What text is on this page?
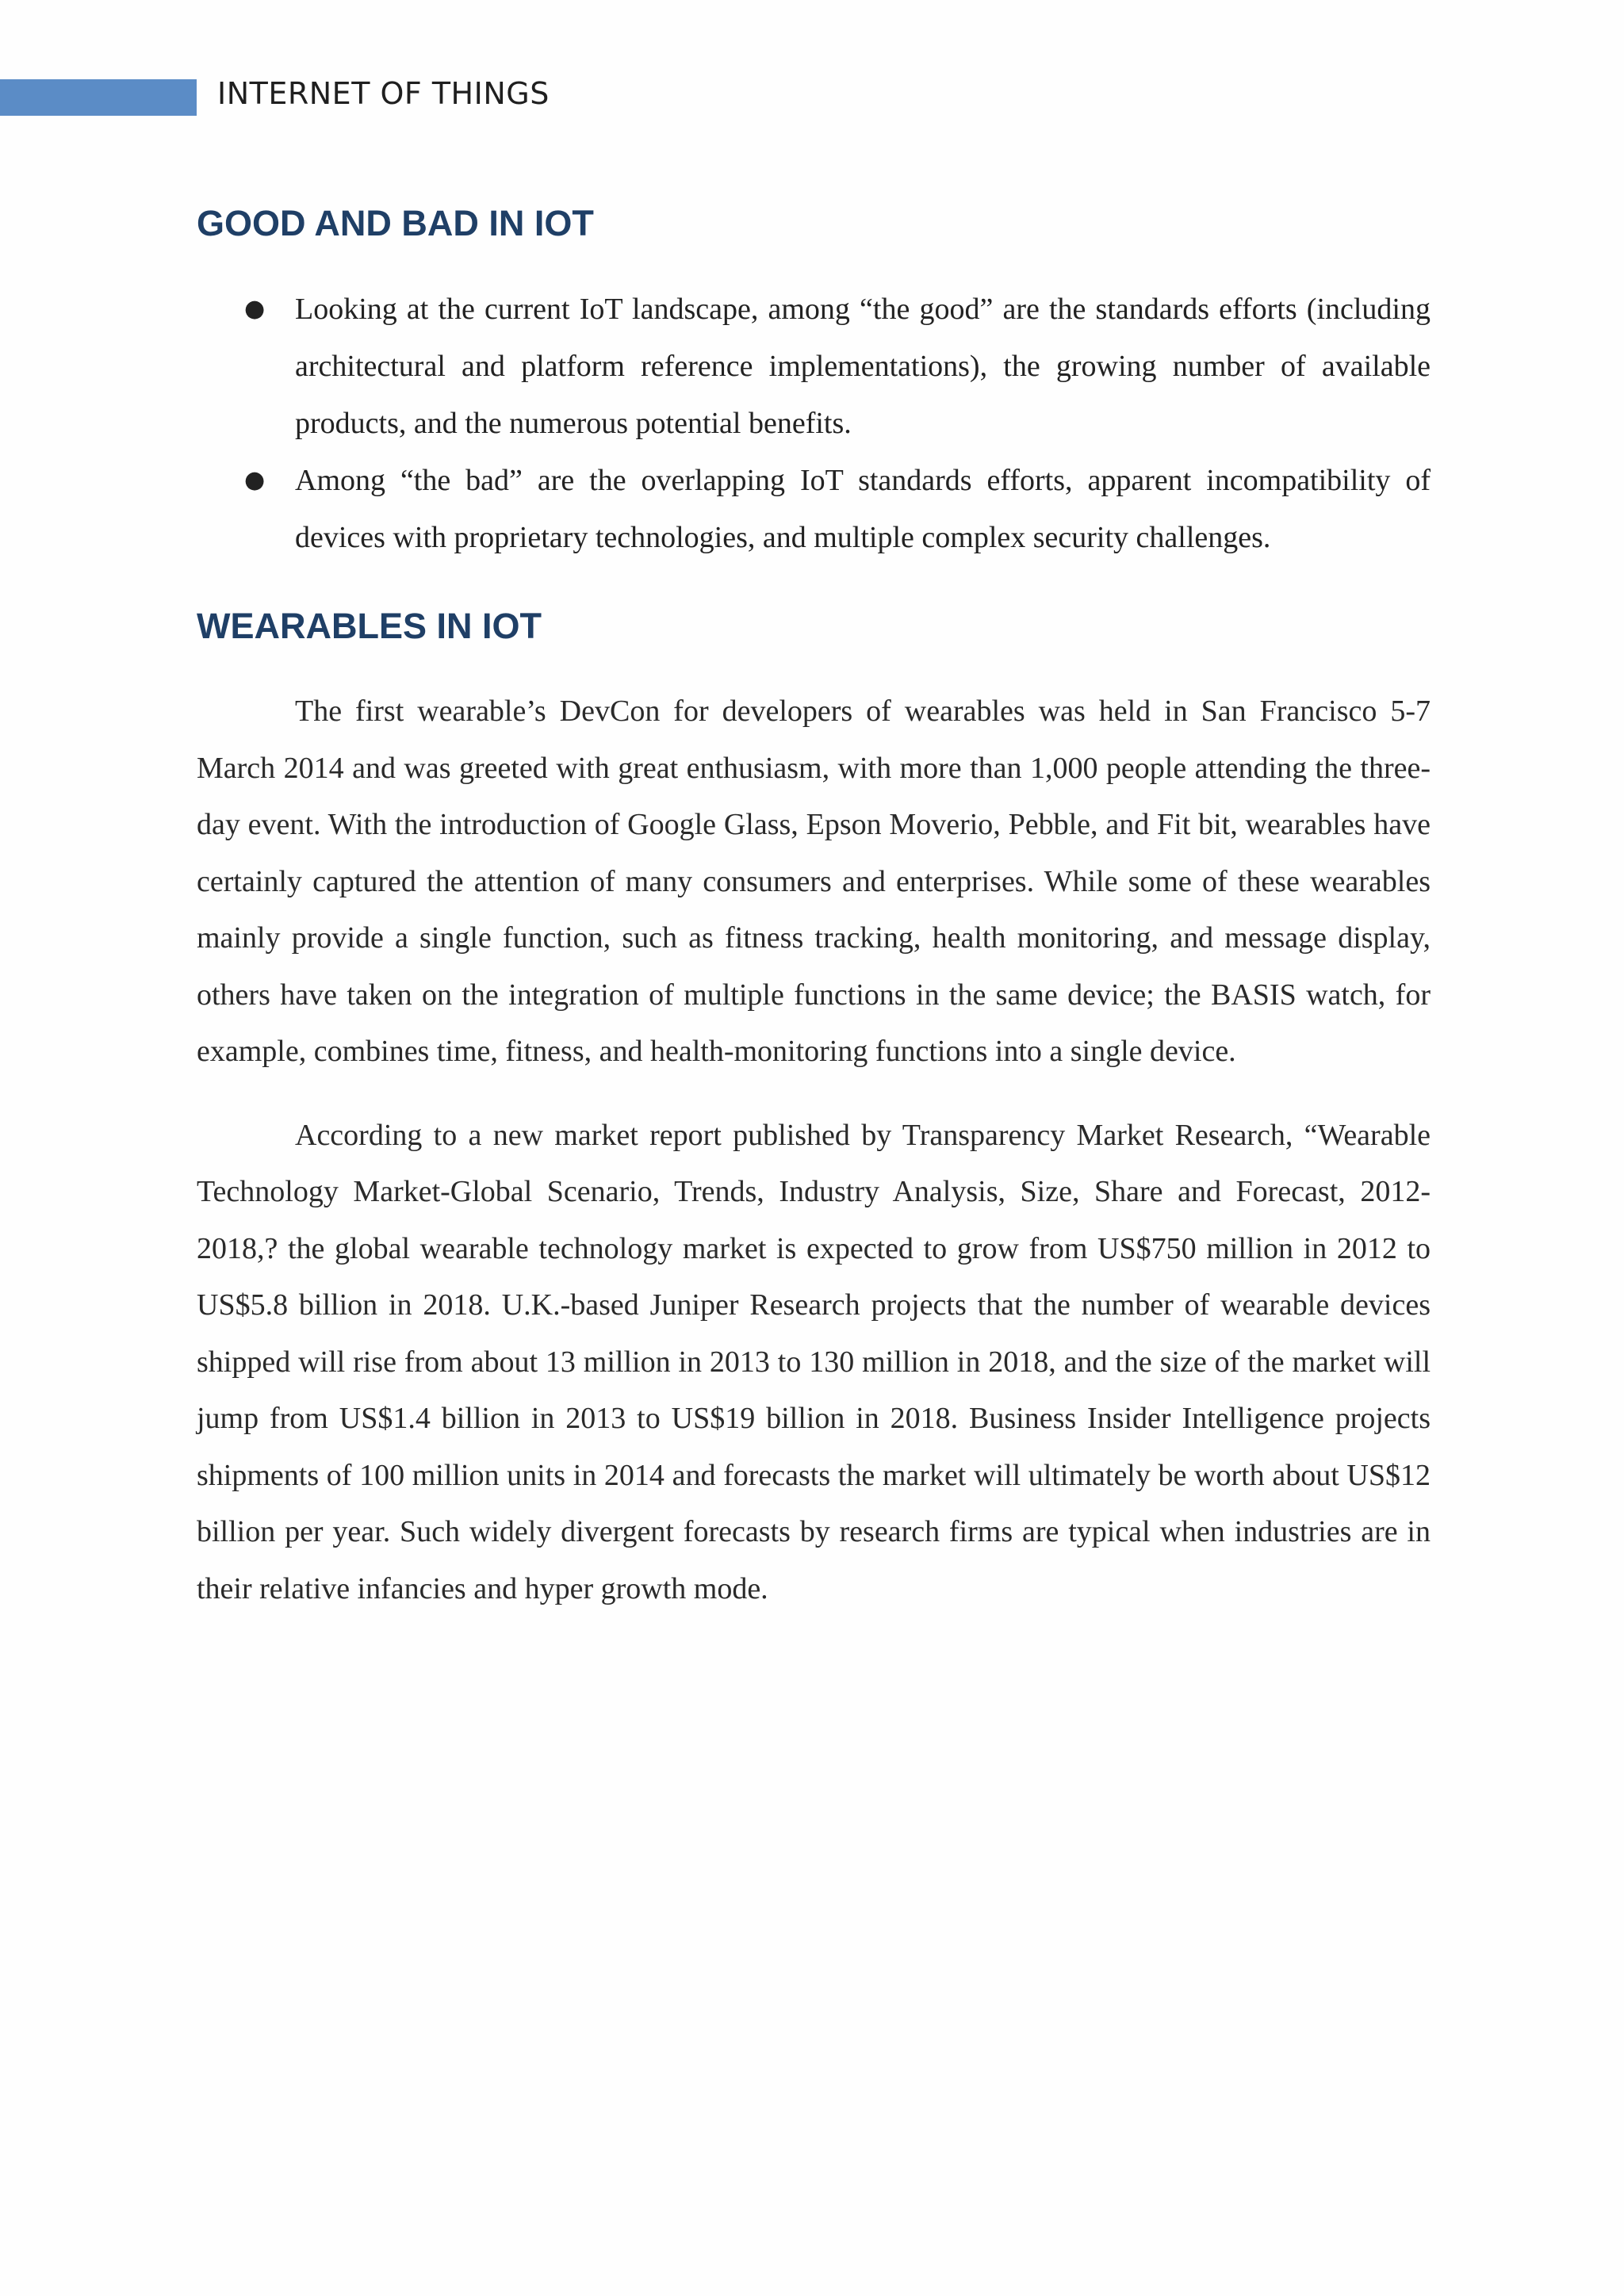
INTERNET OF THINGS
GOOD AND BAD IN IOT
● Looking at the current IoT landscape, among “the good” are the standards efforts (including architectural and platform reference implementations), the growing number of available products, and the numerous potential benefits.
● Among “the bad” are the overlapping IoT standards efforts, apparent incompatibility of devices with proprietary technologies, and multiple complex security challenges.
WEARABLES IN IOT

The first wearable’s DevCon for developers of wearables was held in San Francisco 5-7 March 2014 and was greeted with great enthusiasm, with more than 1,000 people attending the three-day event. With the introduction of Google Glass, Epson Moverio, Pebble, and Fit bit, wearables have certainly captured the attention of many consumers and enterprises. While some of these wearables mainly provide a single function, such as fitness tracking, health monitoring, and message display, others have taken on the integration of multiple functions in the same device; the BASIS watch, for example, combines time, fitness, and health-monitoring functions into a single device.

According to a new market report published by Transparency Market Research, “Wearable Technology Market-Global Scenario, Trends, Industry Analysis, Size, Share and Forecast, 2012-2018,? the global wearable technology market is expected to grow from US$750 million in 2012 to US$5.8 billion in 2018. U.K.-based Juniper Research projects that the number of wearable devices shipped will rise from about 13 million in 2013 to 130 million in 2018, and the size of the market will jump from US$1.4 billion in 2013 to US$19 billion in 2018. Business Insider Intelligence projects shipments of 100 million units in 2014 and forecasts the market will ultimately be worth about US$12 billion per year. Such widely divergent forecasts by research firms are typical when industries are in their relative infancies and hyper growth mode.
